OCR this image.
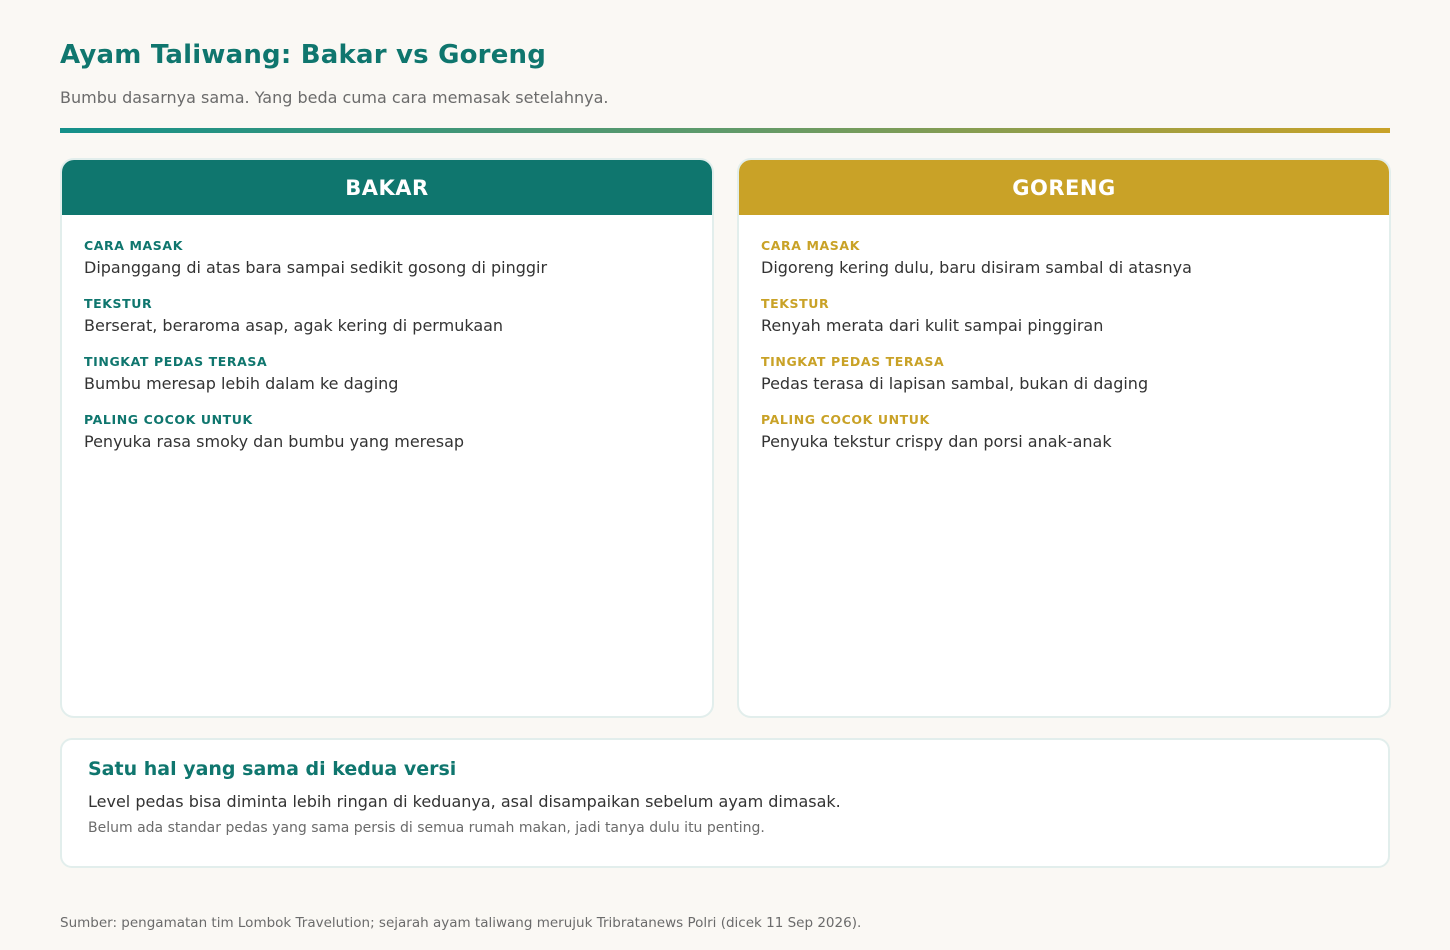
Ayam Taliwang: Bakar vs Goreng

Bumbu dasarnya sama. Yang beda cuma cara memasak setelahnya.

BAKAR
CARA MASAK
Dipanggang di atas bara sampai sedikit gosong di pinggir
TEKSTUR
Berserat, beraroma asap, agak kering di permukaan
TINGKAT PEDAS TERASA
Bumbu meresap lebih dalam ke daging
PALING COCOK UNTUK
Penyuka rasa smoky dan bumbu yang meresap
GORENG
CARA MASAK
Digoreng kering dulu, baru disiram sambal di atasnya
TEKSTUR
Renyah merata dari kulit sampai pinggiran
TINGKAT PEDAS TERASA
Pedas terasa di lapisan sambal, bukan di daging
PALING COCOK UNTUK
Penyuka tekstur crispy dan porsi anak-anak
Satu hal yang sama di kedua versi
Level pedas bisa diminta lebih ringan di keduanya, asal disampaikan sebelum ayam dimasak.
Belum ada standar pedas yang sama persis di semua rumah makan, jadi tanya dulu itu penting.
Sumber: pengamatan tim Lombok Travelution; sejarah ayam taliwang merujuk Tribratanews Polri (dicek 11 Sep 2026).
